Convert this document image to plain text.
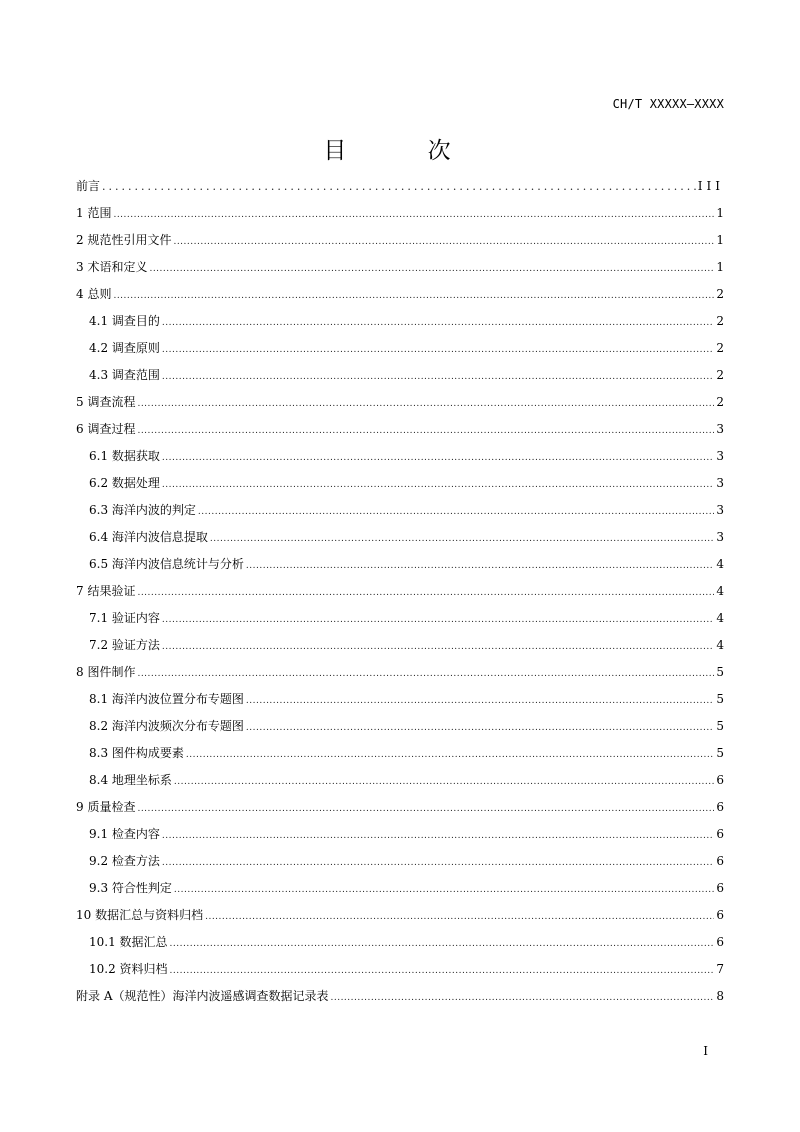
CH/T XXXXX—XXXX
目 次
前言 .....	III
1 范围 .....	1
2 规范性引用文件 .....	1
3 术语和定义 .....	1
4 总则 .....	2
4.1 调查目的 .....	2
4.2 调查原则 .....	2
4.3 调查范围 .....	2
5 调查流程 .....	2
6 调查过程 .....	3
6.1 数据获取 .....	3
6.2 数据处理 .....	3
6.3 海洋内波的判定 .....	3
6.4 海洋内波信息提取 .....	3
6.5 海洋内波信息统计与分析 .....	4
7 结果验证 .....	4
7.1 验证内容 .....	4
7.2 验证方法 .....	4
8 图件制作 .....	5
8.1 海洋内波位置分布专题图 .....	5
8.2 海洋内波频次分布专题图 .....	5
8.3 图件构成要素 .....	5
8.4 地理坐标系 .....	6
9 质量检查 .....	6
9.1 检查内容 .....	6
9.2 检查方法 .....	6
9.3 符合性判定 .....	6
10 数据汇总与资料归档 .....	6
10.1 数据汇总 .....	6
10.2 资料归档 .....	7
附录 A（规范性）海洋内波遥感调查数据记录表 .....	8
I
